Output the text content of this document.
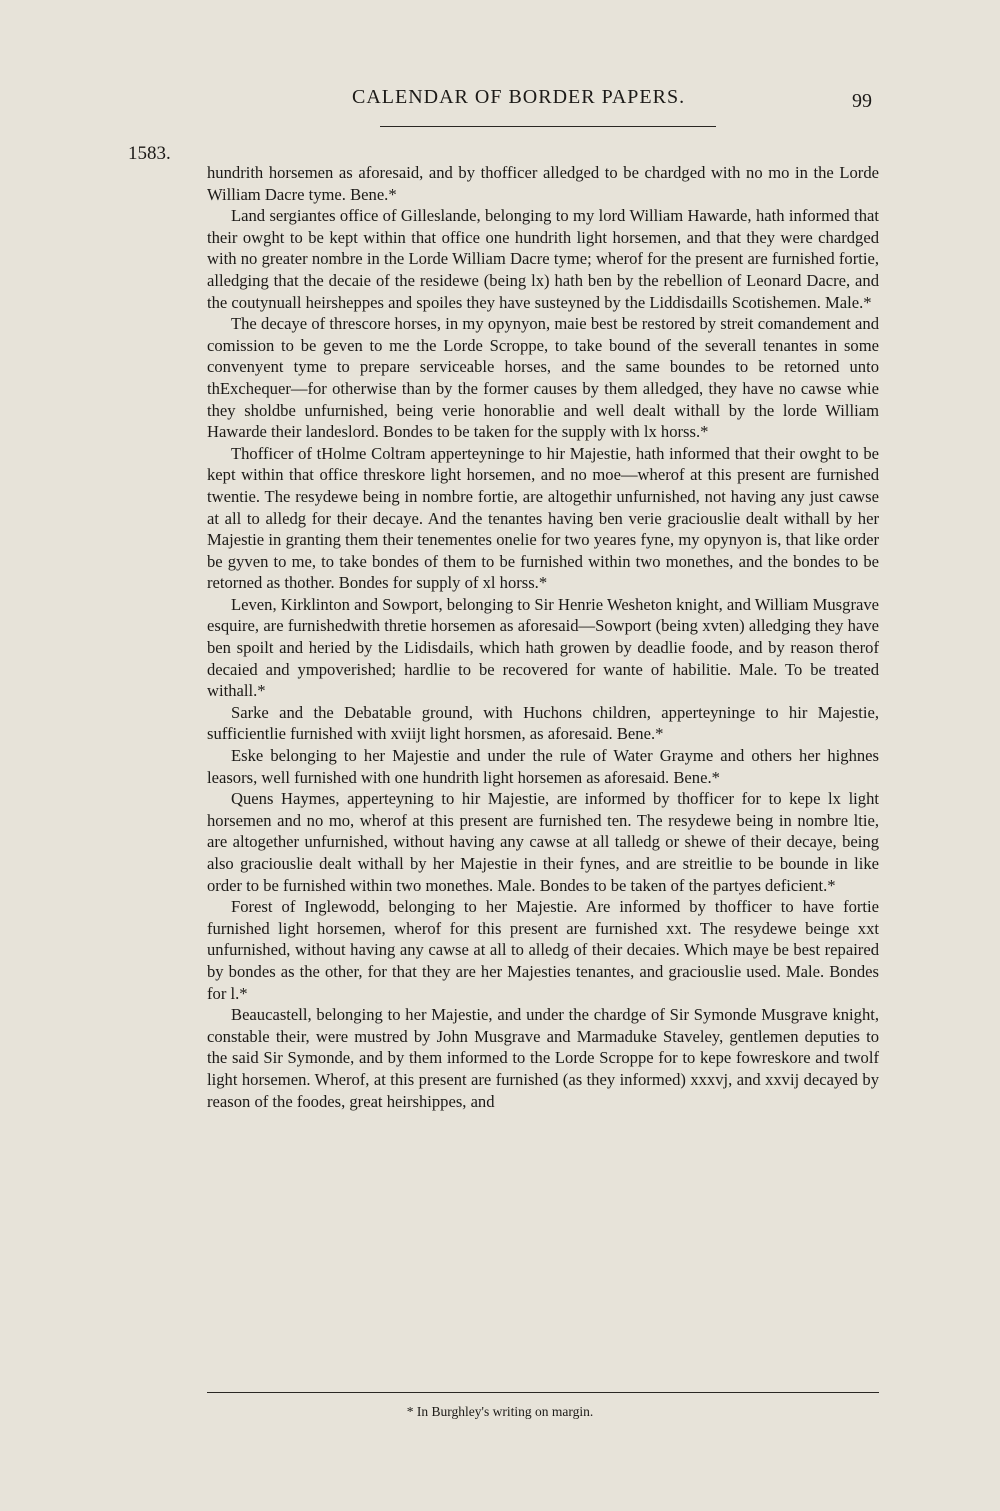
CALENDAR OF BORDER PAPERS.	99
1583.

hundrith horsemen as aforesaid, and by thofficer alledged to be chardged with no mo in the Lorde William Dacre tyme. Bene.*

Land sergiantes office of Gilleslande, belonging to my lord William Hawarde, hath informed that their owght to be kept within that office one hundrith light horsemen, and that they were chardged with no greater nombre in the Lorde William Dacre tyme; wherof for the present are furnished fortie, alledging that the decaie of the residewe (being lx) hath ben by the rebellion of Leonard Dacre, and the coutynuall heirsheppes and spoiles they have susteyned by the Liddisdaills Scotishemen. Male.*

The decaye of threscore horses, in my opynyon, maie best be restored by streit comandement and comission to be geven to me the Lorde Scroppe, to take bound of the severall tenantes in some convenyent tyme to prepare serviceable horses, and the same boundes to be retorned unto thExchequer—for otherwise than by the former causes by them alledged, they have no cawse whie they sholdbe unfurnished, being verie honorablie and well dealt withall by the lorde William Hawarde their landeslord. Bondes to be taken for the supply with lx horss.*

Thofficer of tHolme Coltram apperteyninge to hir Majestie, hath informed that their owght to be kept within that office threskore light horsemen, and no moe—wherof at this present are furnished twentie. The resydewe being in nombre fortie, are altogethir unfurnished, not having any just cawse at all to alledg for their decaye. And the tenantes having ben verie graciouslie dealt withall by her Majestie in granting them their tenementes onelie for two yeares fyne, my opynyon is, that like order be gyven to me, to take bondes of them to be furnished within two monethes, and the bondes to be retorned as thother. Bondes for supply of xl horss.*

Leven, Kirklinton and Sowport, belonging to Sir Henrie Wesheton knight, and William Musgrave esquire, are furnishedwith thretie horsemen as aforesaid—Sowport (being xvten) alledging they have ben spoilt and heried by the Lidisdails, which hath growen by deadlie foode, and by reason therof decaied and ympoverished; hardlie to be recovered for wante of habilitie. Male. To be treated withall.*

Sarke and the Debatable ground, with Huchons children, apperteyninge to hir Majestie, sufficientlie furnished with xviijt light horsmen, as aforesaid. Bene.*

Eske belonging to her Majestie and under the rule of Water Grayme and others her highnes leasors, well furnished with one hundrith light horsemen as aforesaid. Bene.*

Quens Haymes, apperteyning to hir Majestie, are informed by thofficer for to kepe lx light horsemen and no mo, wherof at this present are furnished ten. The resydewe being in nombre ltie, are altogether unfurnished, without having any cawse at all talledg or shewe of their decaye, being also graciouslie dealt withall by her Majestie in their fynes, and are streitlie to be bounde in like order to be furnished within two monethes. Male. Bondes to be taken of the partyes deficient.*

Forest of Inglewodd, belonging to her Majestie. Are informed by thofficer to have fortie furnished light horsemen, wherof for this present are furnished xxt. The resydewe beinge xxt unfurnished, without having any cawse at all to alledg of their decaies. Which maye be best repaired by bondes as the other, for that they are her Majesties tenantes, and graciouslie used. Male. Bondes for l.*

Beaucastell, belonging to her Majestie, and under the chardge of Sir Symonde Musgrave knight, constable their, were mustred by John Musgrave and Marmaduke Staveley, gentlemen deputies to the said Sir Symonde, and by them informed to the Lorde Scroppe for to kepe fowreskore and twolf light horsemen. Wherof, at this present are furnished (as they informed) xxxvj, and xxvij decayed by reason of the foodes, great heirshippes, and

* In Burghley's writing on margin.
